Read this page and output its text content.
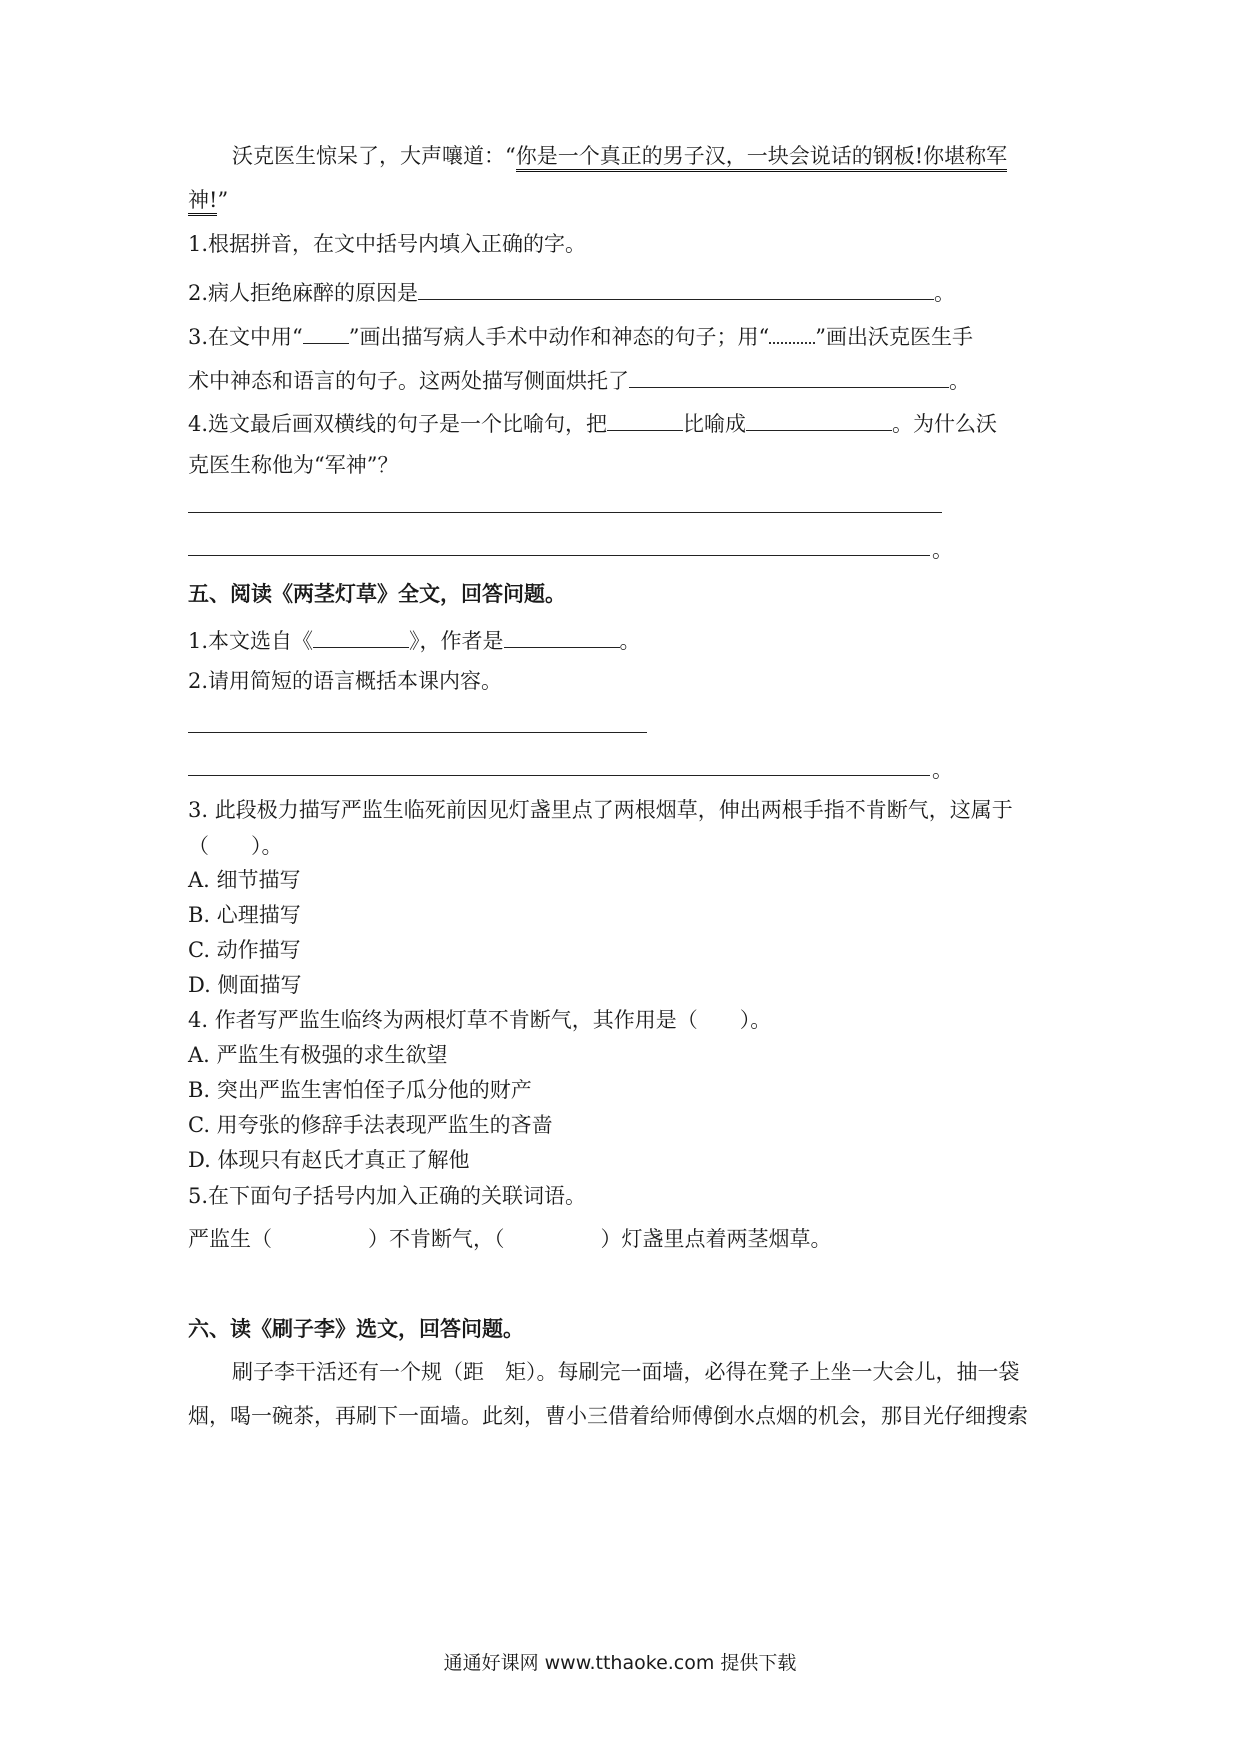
沃克医生惊呆了，大声嚷道：“你是一个真正的男子汉，一块会说话的钢板!你堪称军
神!”
1.根据拼音，在文中括号内填入正确的字。
2.病人拒绝麻醉的原因是	。
3.在文中用“ ”画出描写病人手术中动作和神态的句子；用“ ”画出沃克医生手
术中神态和语言的句子。这两处描写侧面烘托了	。
4.选文最后画双横线的句子是一个比喻句，把	比喻成	。为什么沃
克医生称他为“军神”？
。
五、阅读《两茎灯草》全文，回答问题。
1.本文选自《	》，作者是	。
2.请用简短的语言概括本课内容。
。
3. 此段极力描写严监生临死前因见灯盏里点了两根烟草，伸出两根手指不肯断气，这属于
（　　）。
A. 细节描写
B. 心理描写
C. 动作描写
D. 侧面描写
4. 作者写严监生临终为两根灯草不肯断气，其作用是（　　）。
A. 严监生有极强的求生欲望
B. 突出严监生害怕侄子瓜分他的财产
C. 用夸张的修辞手法表现严监生的吝啬
D. 体现只有赵氏才真正了解他
5.在下面句子括号内加入正确的关联词语。
严监生（	）不肯断气，（	）灯盏里点着两茎烟草。
六、读《刷子李》选文，回答问题。
刷子李干活还有一个规（距　矩）。每刷完一面墙，必得在凳子上坐一大会儿，抽一袋
烟，喝一碗茶，再刷下一面墙。此刻，曹小三借着给师傅倒水点烟的机会，那目光仔细搜索
通通好课网 www.tthaoke.com 提供下载
